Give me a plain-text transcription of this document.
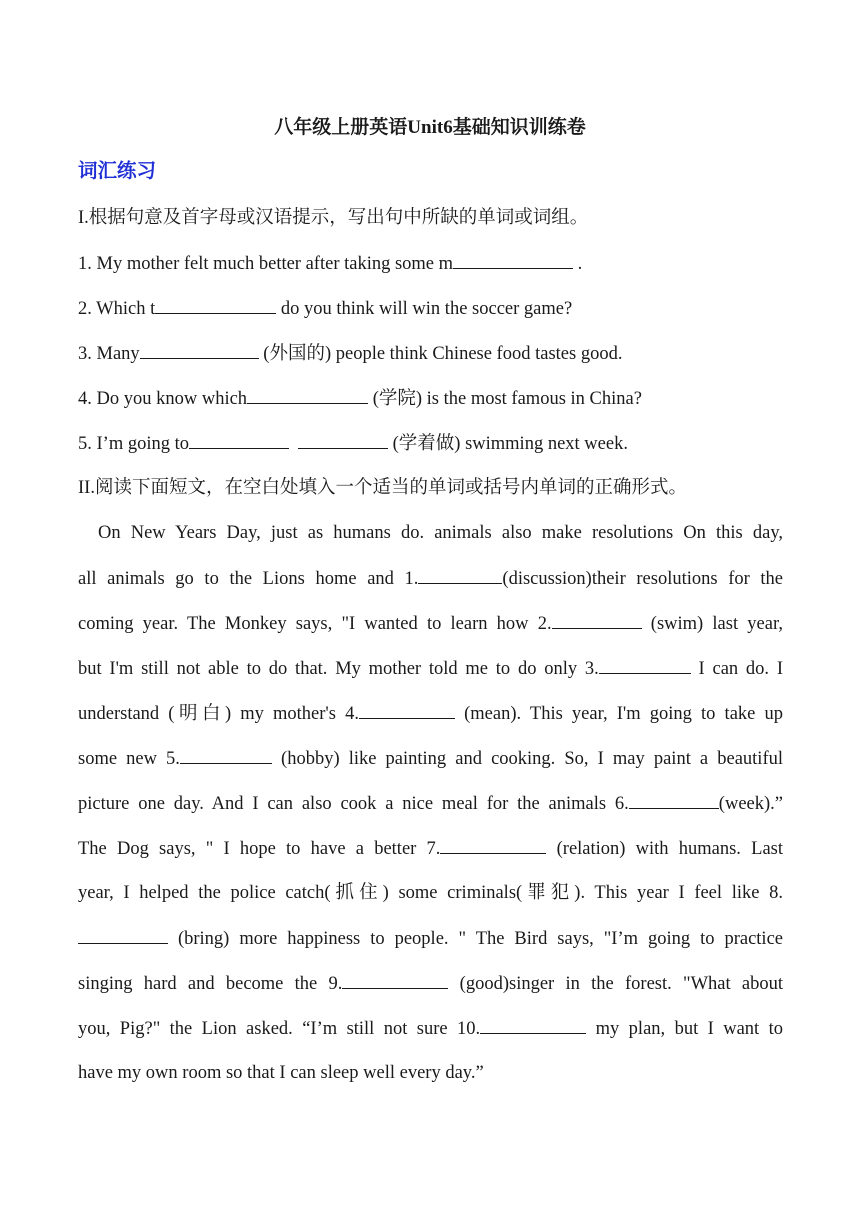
八年级上册英语Unit6基础知识训练卷
词汇练习
I.根据句意及首字母或汉语提示，写出句中所缺的单词或词组。
1. My mother felt much better after taking some m	.
2. Which t	do you think will win the soccer game?
3. Many	(外国的) people think Chinese food tastes good.
4. Do you know which	(学院) is the most famous in China?
5. I’m going to	(学着做) swimming next week.
II.阅读下面短文，在空白处填入一个适当的单词或括号内单词的正确形式。
On New Years Day, just as humans do. animals also make resolutions On this day,
all animals go to the Lions home and 1.	(discussion)their resolutions for the
coming year. The Monkey says, "I wanted to learn how 2.	(swim) last year,
but I'm still not able to do that. My mother told me to do only 3.	I can do. I
understand (明白) my mother's 4.	(mean). This year, I'm going to take up
some new 5.	(hobby) like painting and cooking. So, I may paint a beautiful
picture one day. And I can also cook a nice meal for the animals 6.	(week).”
The Dog says, " I hope to have a better 7.	(relation) with humans. Last
year, I helped the police catch(抓住) some criminals(罪犯). This year I feel like 8.
(bring) more happiness to people. " The Bird says, "I’m going to practice
singing hard and become the 9.	(good)singer in the forest. "What about
you, Pig?" the Lion asked. “I’m still not sure 10.	my plan, but I want to
have my own room so that I can sleep well every day.”
